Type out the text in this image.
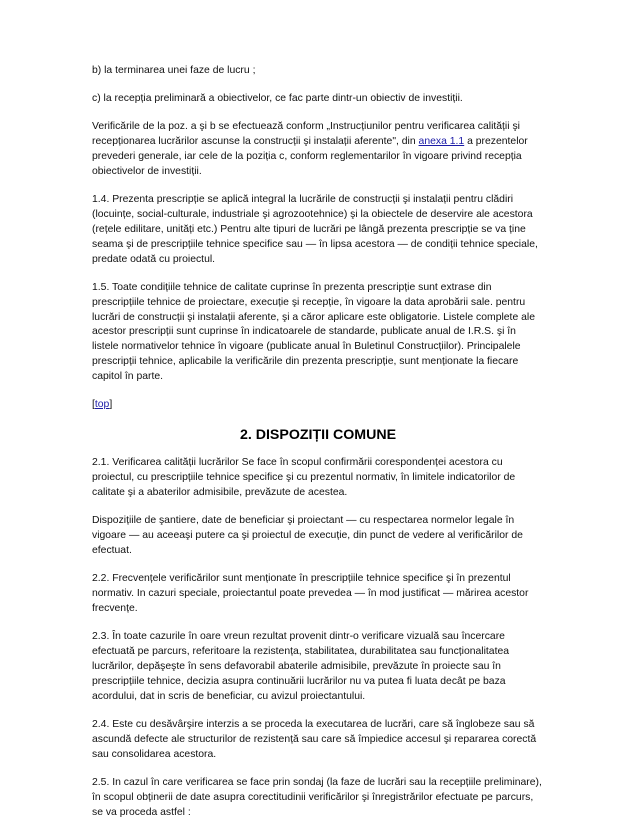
b) la terminarea unei faze de lucru ;

c) la recepția preliminară a obiectivelor, ce fac parte dintr-un obiectiv de investiții.

Verificările de la poz. a şi b se efectuează conform „Instrucțiunilor pentru verificarea calității şi recepționarea lucrărilor ascunse la construcții şi instalații aferente", din anexa 1.1 a prezentelor prevederi generale, iar cele de la poziția c, conform reglementarilor în vigoare privind recepția obiectivelor de investiții.

1.4. Prezenta prescripție se aplică integral la lucrările de construcții şi instalații pentru clădiri (locuințe, social-culturale, industriale şi agrozootehnice) şi la obiectele de deservire ale acestora (rețele edilitare, unități etc.) Pentru alte tipuri de lucrări pe lângă prezenta prescripție se va ține seama şi de prescripțiile tehnice specifice sau — în lipsa acestora — de condiții tehnice speciale, predate odată cu proiectul.

1.5. Toate condițiile tehnice de calitate cuprinse în prezenta prescripție sunt extrase din prescripțiile tehnice de proiectare, execuție şi recepție, în vigoare la data aprobării sale. pentru lucrări de construcții şi instalații aferente, şi a căror aplicare este obligatorie. Listele complete ale acestor prescripții sunt cuprinse în indicatoarele de standarde, publicate anual de I.R.S. şi în listele normativelor tehnice în vigoare (publicate anual în Buletinul Construcțiilor). Principalele prescripții tehnice, aplicabile la verificările din prezenta prescripție, sunt menționate la fiecare capitol în parte.

[top]

2. DISPOZIȚII COMUNE

2.1. Verificarea calității lucrărilor Se face în scopul confirmării corespondenței acestora cu proiectul, cu prescripțiile tehnice specifice şi cu prezentul normativ, în limitele indicatorilor de calitate şi a abaterilor admisibile, prevăzute de acestea.

Dispozițiile de şantiere, date de beneficiar şi proiectant — cu respectarea normelor legale în vigoare — au aceeaşi putere ca şi proiectul de execuție, din punct de vedere al verificărilor de efectuat.

2.2. Frecvențele verificărilor sunt menționate în prescripțiile tehnice specifice şi în prezentul normativ. In cazuri speciale, proiectantul poate prevedea — în mod justificat — mărirea acestor frecvențe.

2.3. În toate cazurile în oare vreun rezultat provenit dintr-o verificare vizuală sau încercare efectuată pe parcurs, referitoare la rezistența, stabilitatea, durabilitatea sau funcționalitatea lucrărilor, depăşeşte în sens defavorabil abaterile admisibile, prevăzute în proiecte sau în prescripțiile tehnice, decizia asupra continuării lucrărilor nu va putea fi luata decât pe baza acordului, dat in scris de beneficiar, cu avizul proiectantului.

2.4. Este cu desăvârşire interzis a se proceda la executarea de lucrări, care să înglobeze sau să ascundă defecte ale structurilor de rezistență sau care să împiedice accesul şi repararea corectă sau consolidarea acestora.

2.5. In cazul în care verificarea se face prin sondaj (la faze de lucrări sau la recepțiile preliminare), în scopul obținerii de date asupra corectitudinii verificărilor şi înregistrărilor efectuate pe parcurs, se va proceda astfel :
